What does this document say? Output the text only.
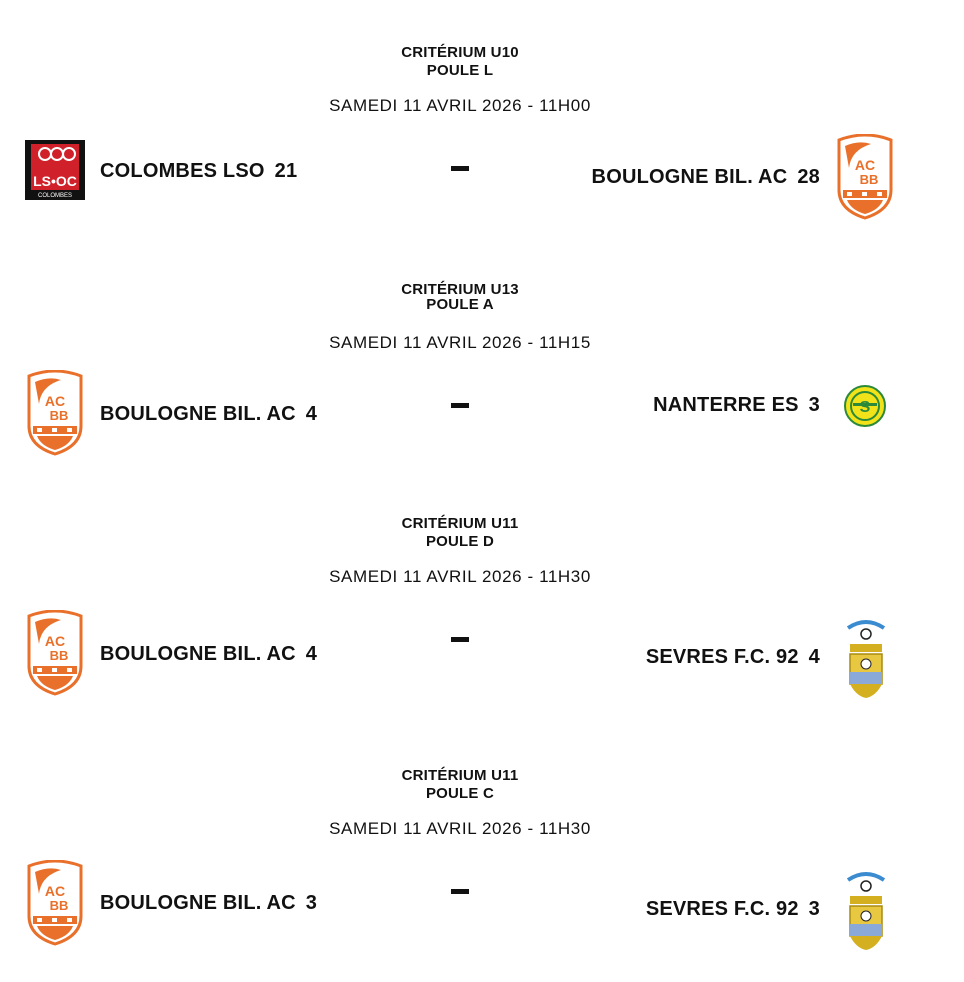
CRITÉRIUM U10
POULE L
SAMEDI 11 AVRIL 2026 - 11H00
COLOMBES LSO 21	BOULOGNE BIL. AC 28
CRITÉRIUM U13
POULE A
SAMEDI 11 AVRIL 2026 - 11H15
BOULOGNE BIL. AC 4	NANTERRE ES 3
CRITÉRIUM U11
POULE D
SAMEDI 11 AVRIL 2026 - 11H30
BOULOGNE BIL. AC 4	SEVRES F.C. 92 4
CRITÉRIUM U11
POULE C
SAMEDI 11 AVRIL 2026 - 11H30
BOULOGNE BIL. AC 3	SEVRES F.C. 92 3
